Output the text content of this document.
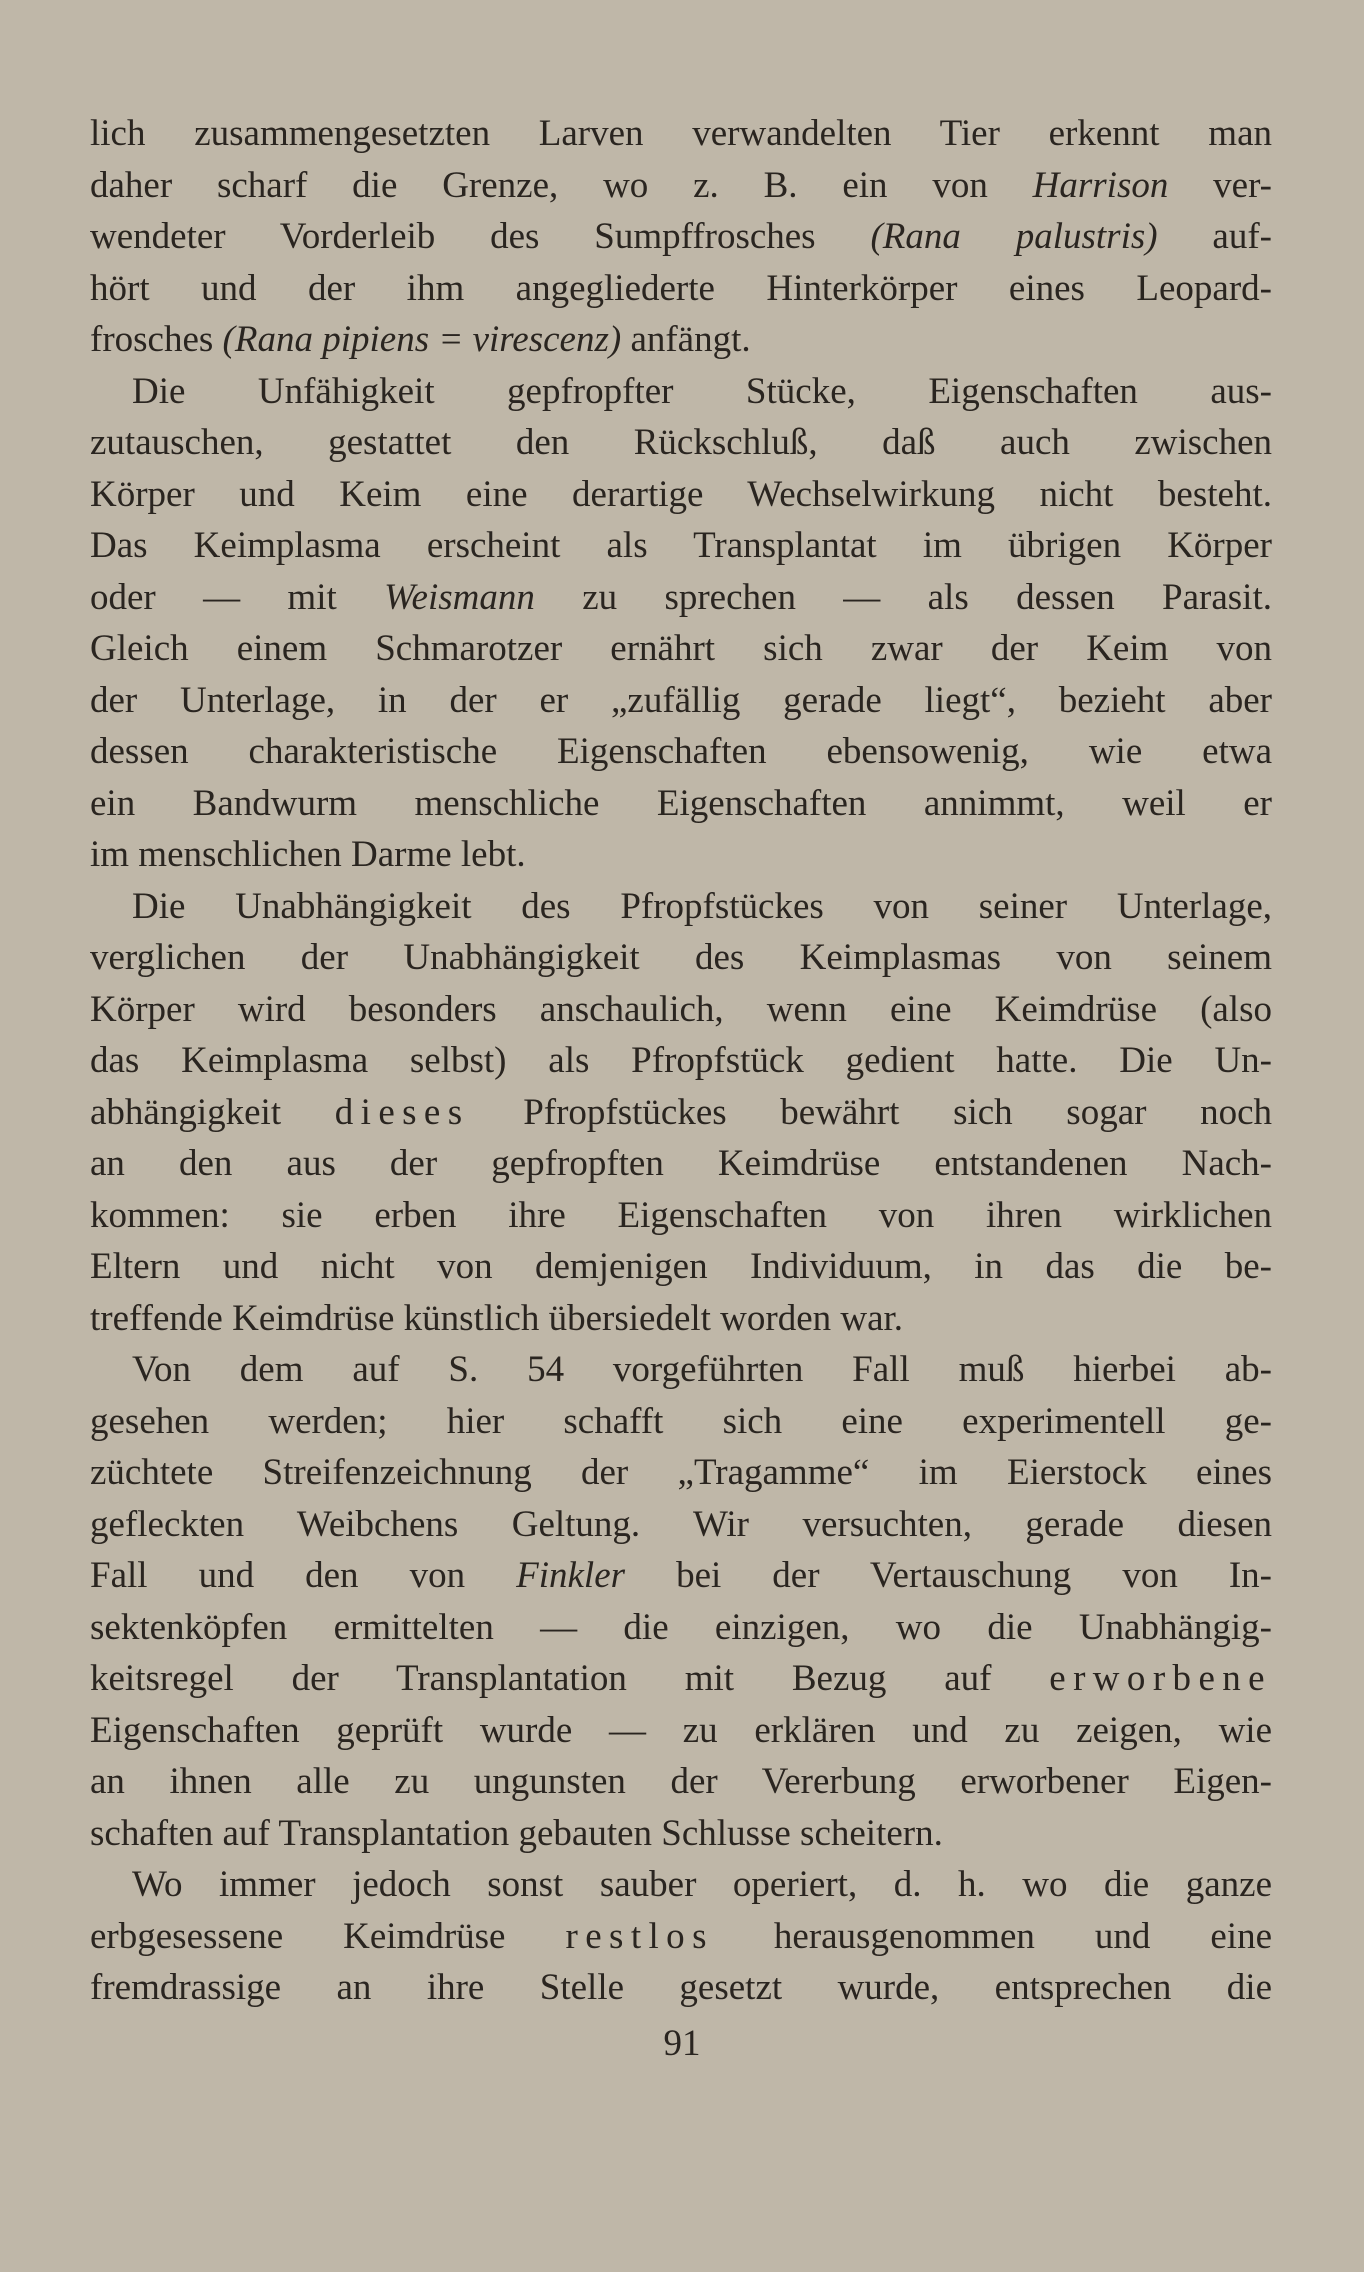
lich zusammengesetzten Larven verwandelten Tier erkennt man
daher scharf die Grenze, wo z. B. ein von Harrison ver-
wendeter Vorderleib des Sumpffrosches (Rana palustris) auf-
hört und der ihm angegliederte Hinterkörper eines Leopard-
frosches (Rana pipiens = virescenz) anfängt.
Die Unfähigkeit gepfropfter Stücke, Eigenschaften aus-
zutauschen, gestattet den Rückschluß, daß auch zwischen
Körper und Keim eine derartige Wechselwirkung nicht besteht.
Das Keimplasma erscheint als Transplantat im übrigen Körper
oder — mit Weismann zu sprechen — als dessen Parasit.
Gleich einem Schmarotzer ernährt sich zwar der Keim von
der Unterlage, in der er „zufällig gerade liegt“, bezieht aber
dessen charakteristische Eigenschaften ebensowenig, wie etwa
ein Bandwurm menschliche Eigenschaften annimmt, weil er
im menschlichen Darme lebt.
Die Unabhängigkeit des Pfropfstückes von seiner Unterlage,
verglichen der Unabhängigkeit des Keimplasmas von seinem
Körper wird besonders anschaulich, wenn eine Keimdrüse (also
das Keimplasma selbst) als Pfropfstück gedient hatte. Die Un-
abhängigkeit dieses Pfropfstückes bewährt sich sogar noch
an den aus der gepfropften Keimdrüse entstandenen Nach-
kommen: sie erben ihre Eigenschaften von ihren wirklichen
Eltern und nicht von demjenigen Individuum, in das die be-
treffende Keimdrüse künstlich übersiedelt worden war.
Von dem auf S. 54 vorgeführten Fall muß hierbei ab-
gesehen werden; hier schafft sich eine experimentell ge-
züchtete Streifenzeichnung der „Tragamme“ im Eierstock eines
gefleckten Weibchens Geltung. Wir versuchten, gerade diesen
Fall und den von Finkler bei der Vertauschung von In-
sektenköpfen ermittelten — die einzigen, wo die Unabhängig-
keitsregel der Transplantation mit Bezug auf erworbene
Eigenschaften geprüft wurde — zu erklären und zu zeigen, wie
an ihnen alle zu ungunsten der Vererbung erworbener Eigen-
schaften auf Transplantation gebauten Schlusse scheitern.
Wo immer jedoch sonst sauber operiert, d. h. wo die ganze
erbgesessene Keimdrüse restlos herausgenommen und eine
fremdrassige an ihre Stelle gesetzt wurde, entsprechen die
91
